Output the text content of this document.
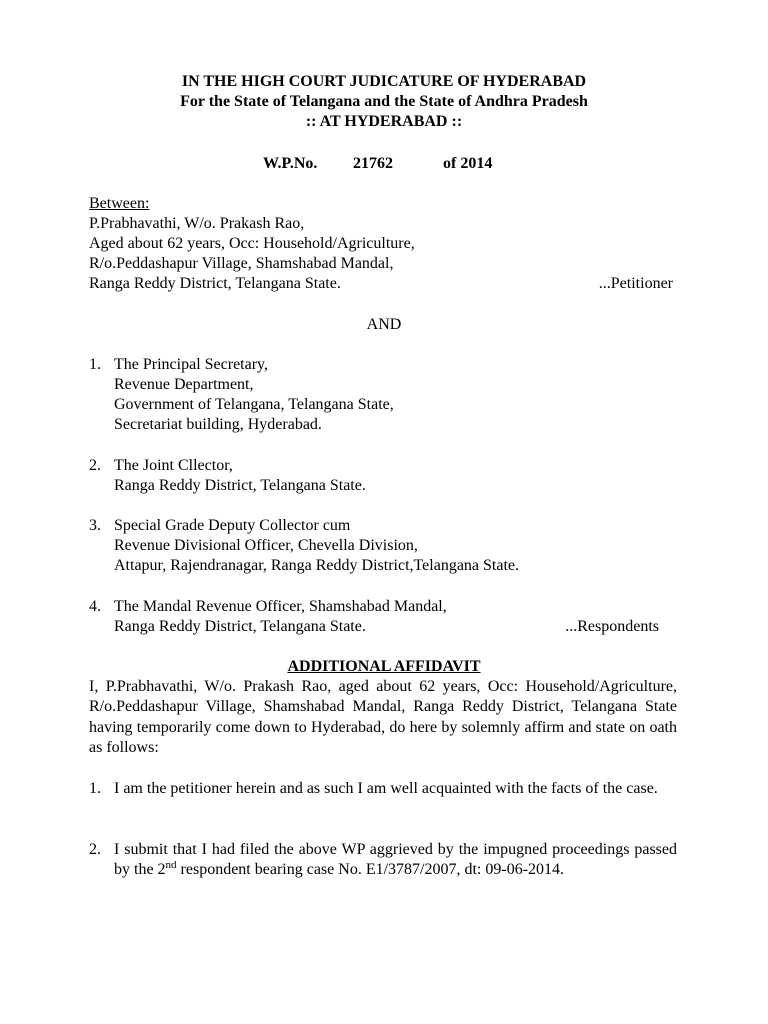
IN THE HIGH COURT JUDICATURE OF HYDERABAD
For the State of Telangana and the State of Andhra Pradesh
:: AT HYDERABAD ::
W.P.No. 21762	of 2014
Between:
P.Prabhavathi, W/o. Prakash Rao,
Aged about 62 years, Occ: Household/Agriculture,
R/o.Peddashapur Village, Shamshabad Mandal,
Ranga Reddy District, Telangana State.	...Petitioner
AND
1. The Principal Secretary,
Revenue Department,
Government of Telangana, Telangana State,
Secretariat building, Hyderabad.
2. The Joint Cllector,
Ranga Reddy District, Telangana State.
3. Special Grade Deputy Collector cum
Revenue Divisional Officer, Chevella Division,
Attapur, Rajendranagar, Ranga Reddy District,Telangana State.
4. The Mandal Revenue Officer, Shamshabad Mandal,
Ranga Reddy District, Telangana State.	...Respondents
ADDITIONAL AFFIDAVIT

I, P.Prabhavathi, W/o. Prakash Rao, aged about 62 years, Occ: Household/Agriculture, R/o.Peddashapur Village, Shamshabad Mandal, Ranga Reddy District, Telangana State having temporarily come down to Hyderabad, do here by solemnly affirm and state on oath as follows:

1. I am the petitioner herein and as such I am well acquainted with the facts of the case.

2. I submit that I had filed the above WP aggrieved by the impugned proceedings passed by the 2nd respondent bearing case No. E1/3787/2007, dt: 09-06-2014.
